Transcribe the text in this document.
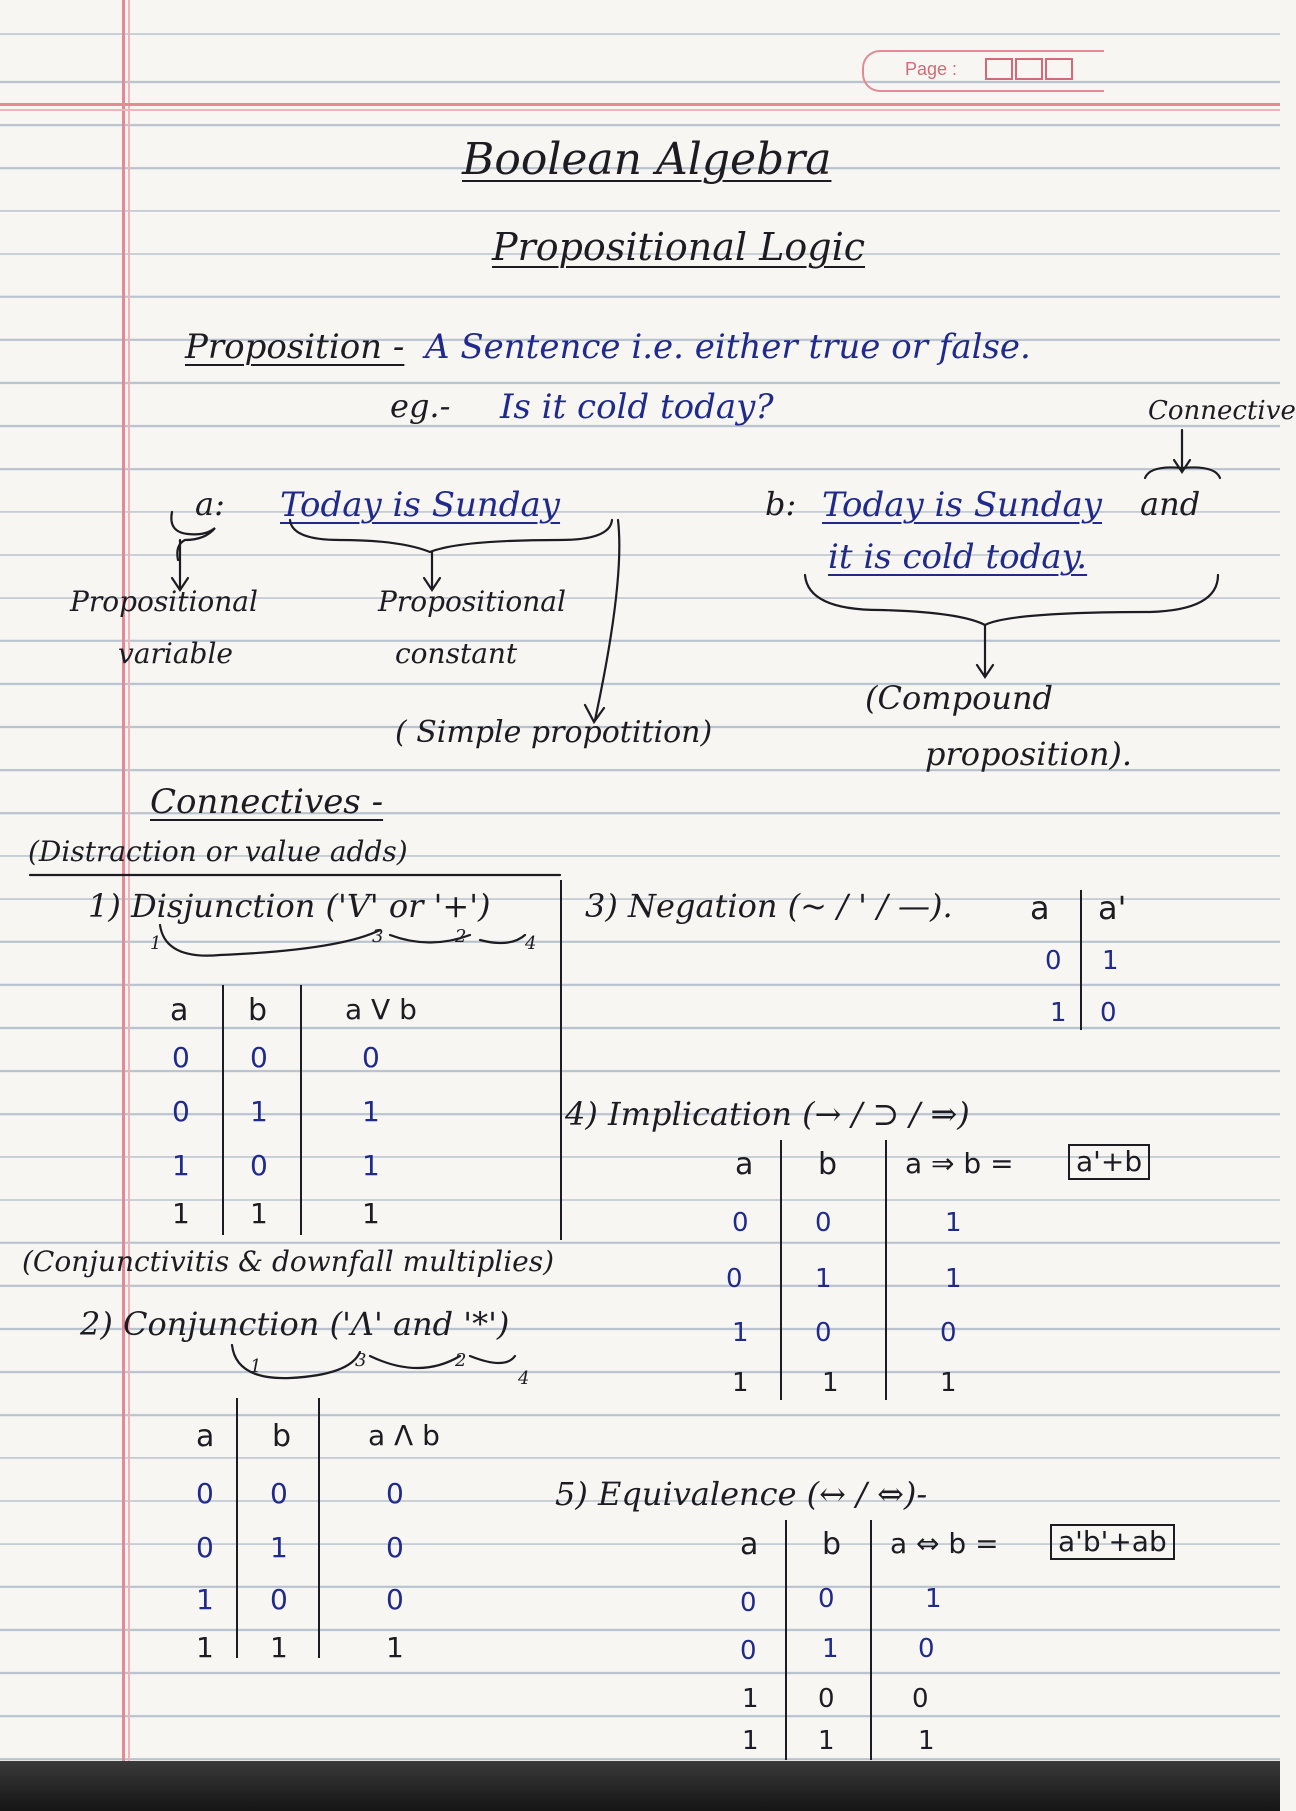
Page :
Boolean Algebra
Propositional Logic
Proposition - A Sentence i.e. either true or false.
eg.- Is it cold today?	Connective
a: Today is Sunday
Propositional
variable
Propositional
constant
( Simple propotition)
b: Today is Sunday and
it is cold today.
(Compound
proposition).
Connectives -
(Distraction or value adds)
1) Disjunction ('V' or '+')
1	3	2	4
a b	a V b
0 0	0
0 1	1
1 0	1
1 1	1
(Conjunctivitis & downfall multiplies)
2) Conjunction ('Λ' and '*')
1	3	2
4
a b	a Λ b
0 0	0
0 1	0
1 0	0
1 1	1
3) Negation (~ / ' / —). a a'
0 1
1 0
4) Implication (→ / ⊃ / ⇒)
a b a ⇒ b = a'+b
0	0	1
0	1	1
1	0	0
1	1	1
5) Equivalence (↔ / ⇔)-
a b a ⇔ b = a'b'+ab
0 0	1
0	1	0
1 0	0
1 1	1
